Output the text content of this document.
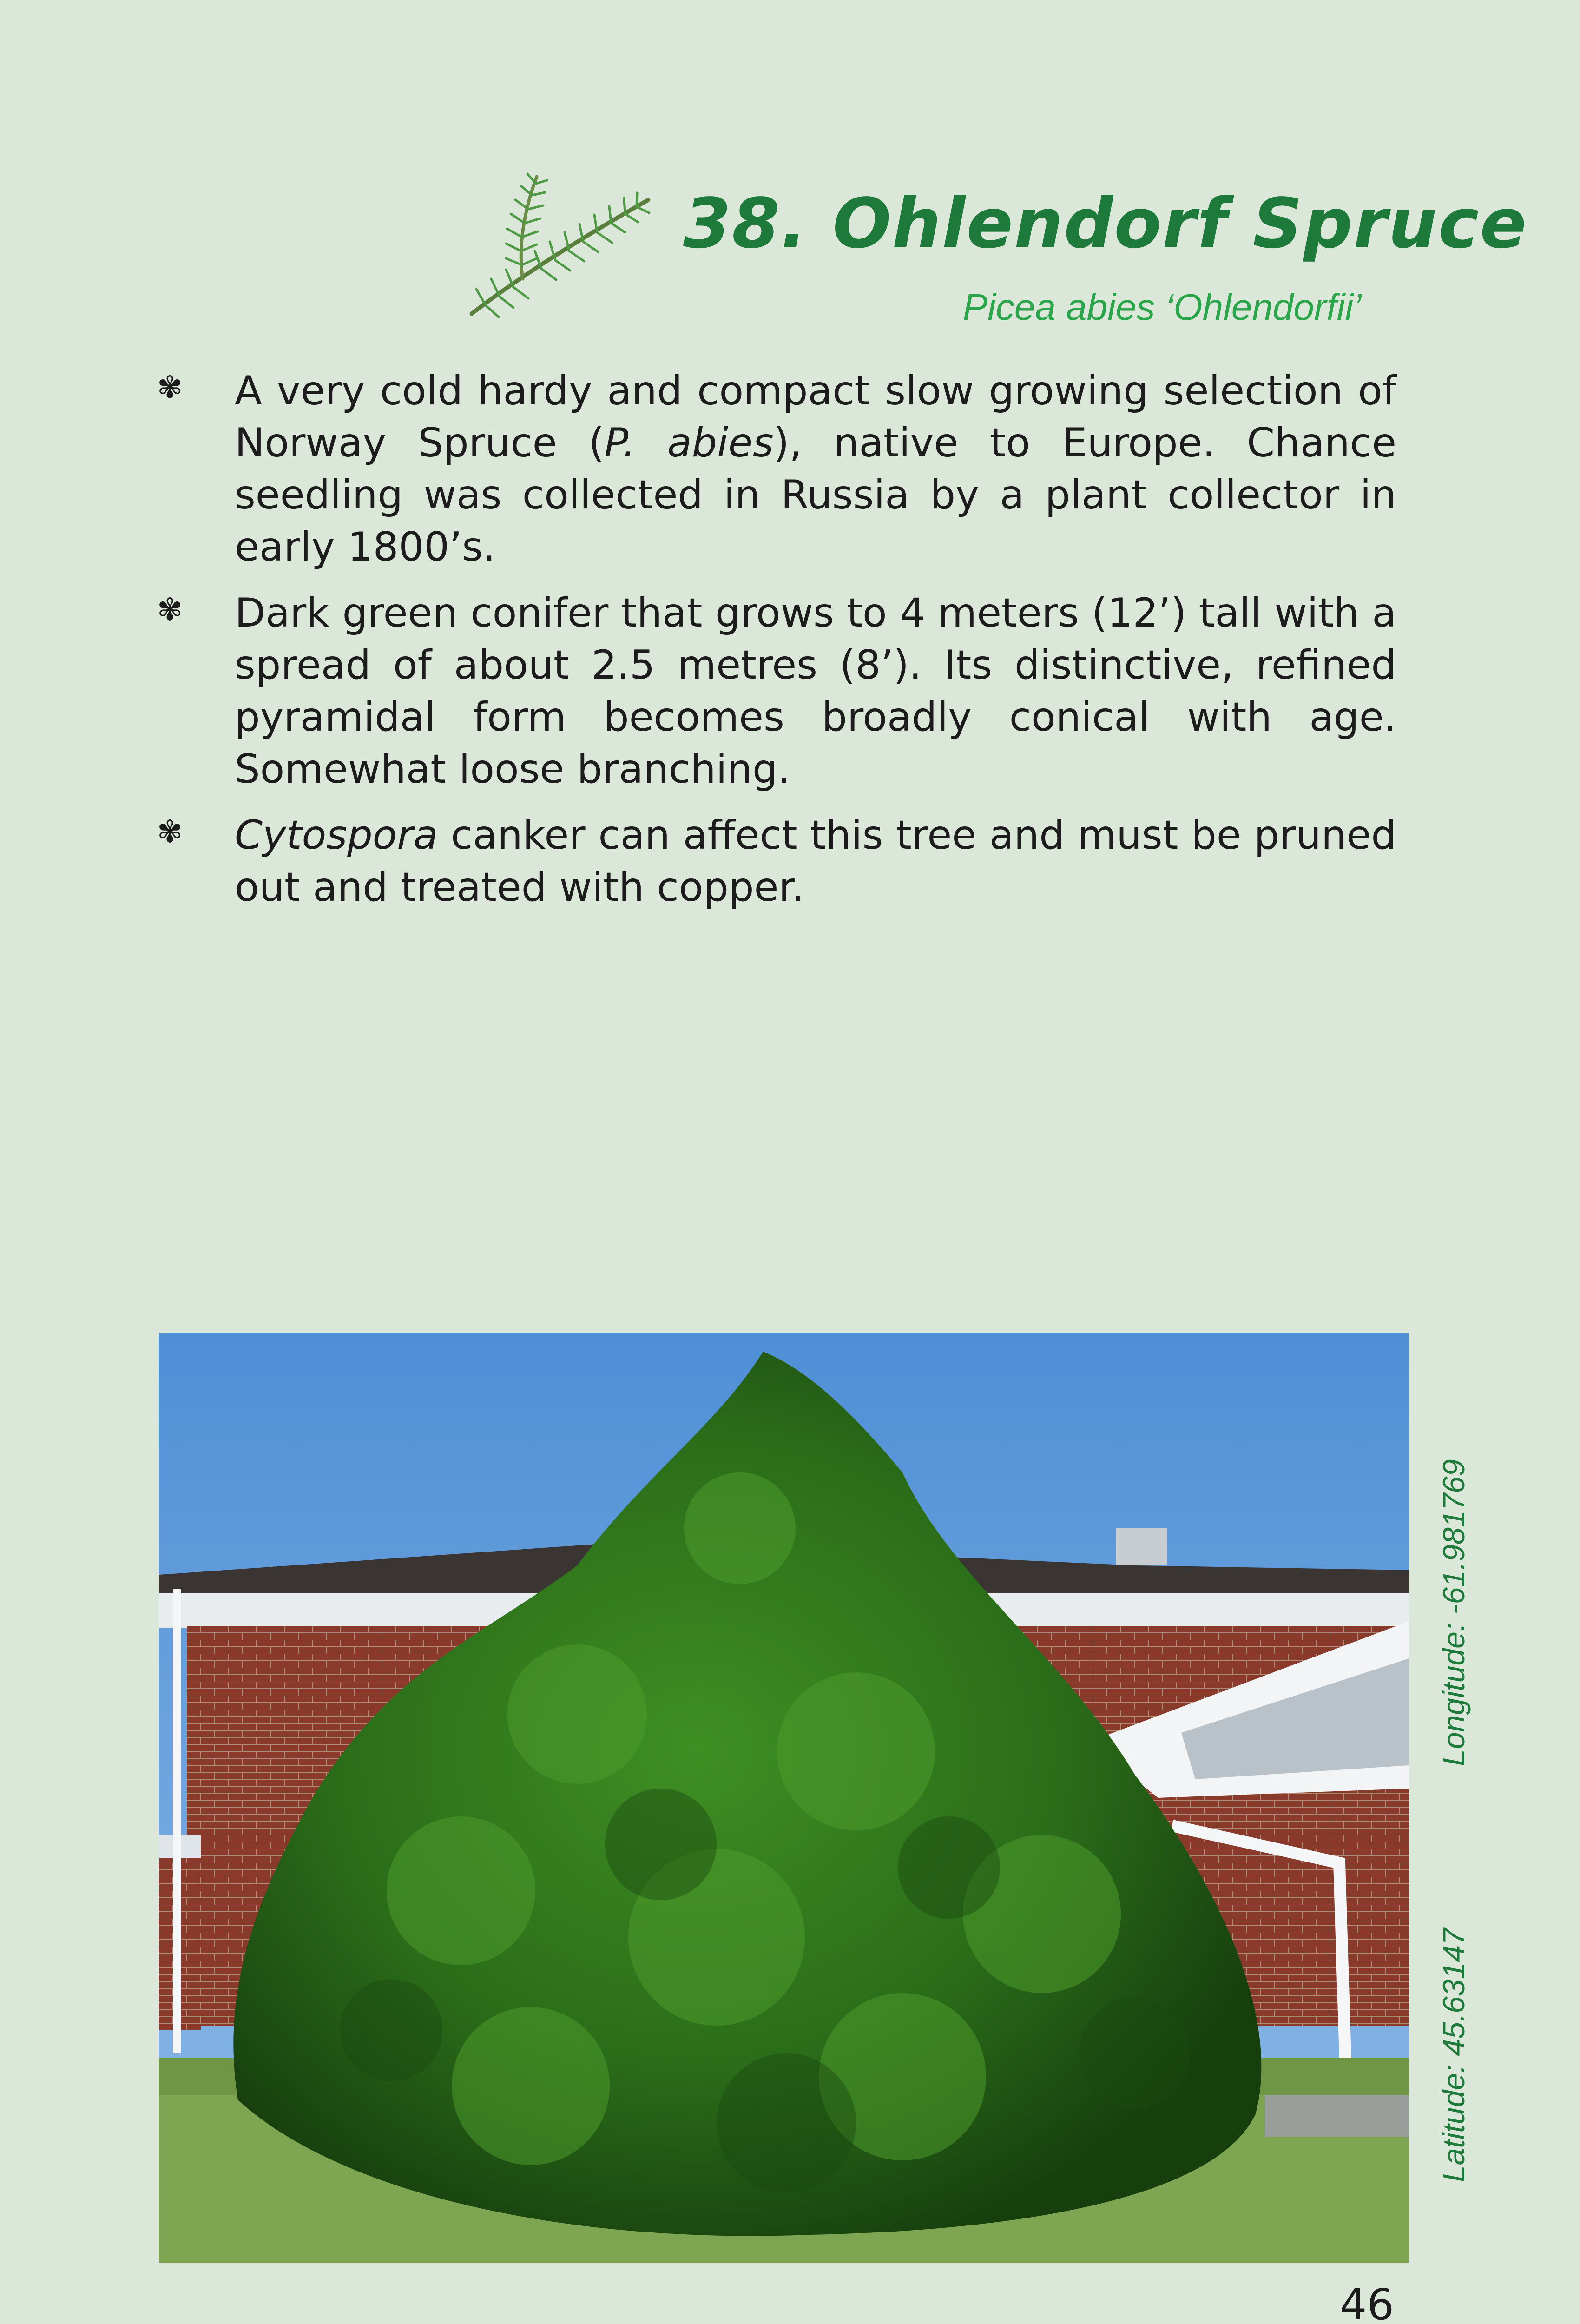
38. Ohlendorf Spruce
Picea abies ‘Ohlendorfii’
✾ A very cold hardy and compact slow growing selection of Norway Spruce (P. abies), native to Europe. Chance seedling was collected in Russia by a plant collector in early 1800’s.
✾ Dark green conifer that grows to 4 meters (12’) tall with a spread of about 2.5 metres (8’). Its distinctive, refined pyramidal form becomes broadly conical with age. Somewhat loose branching.
✾ Cytospora canker can affect this tree and must be pruned out and treated with copper.
Latitude: 45.63147
Longitude: -61.981769
46
